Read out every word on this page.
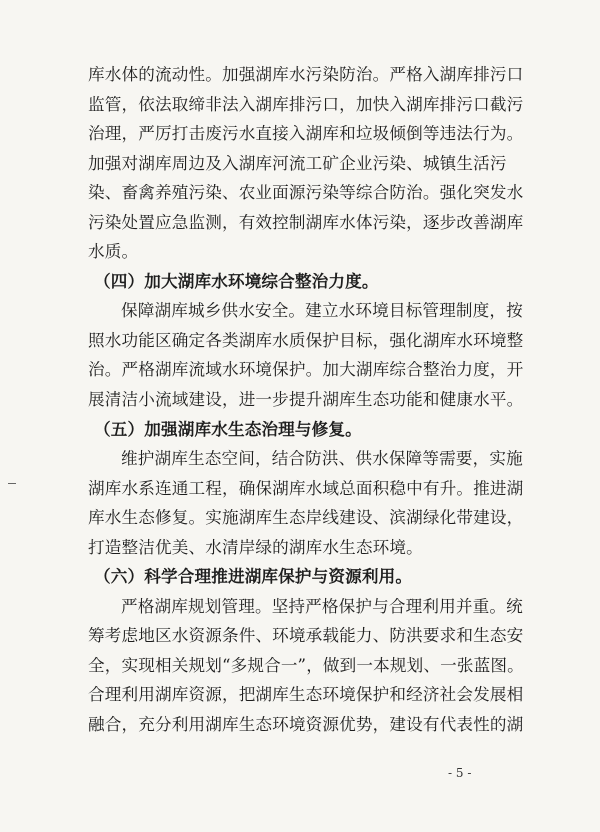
库水体的流动性。加强湖库水污染防治。严格入湖库排污口
监管，依法取缔非法入湖库排污口，加快入湖库排污口截污
治理，严厉打击废污水直接入湖库和垃圾倾倒等违法行为。
加强对湖库周边及入湖库河流工矿企业污染、城镇生活污
染、畜禽养殖污染、农业面源污染等综合防治。强化突发水
污染处置应急监测，有效控制湖库水体污染，逐步改善湖库
水质。
（四）加大湖库水环境综合整治力度。
保障湖库城乡供水安全。建立水环境目标管理制度，按
照水功能区确定各类湖库水质保护目标，强化湖库水环境整
治。严格湖库流域水环境保护。加大湖库综合整治力度，开
展清洁小流域建设，进一步提升湖库生态功能和健康水平。
（五）加强湖库水生态治理与修复。
维护湖库生态空间，结合防洪、供水保障等需要，实施
湖库水系连通工程，确保湖库水域总面积稳中有升。推进湖
库水生态修复。实施湖库生态岸线建设、滨湖绿化带建设，
打造整洁优美、水清岸绿的湖库水生态环境。
（六）科学合理推进湖库保护与资源利用。
严格湖库规划管理。坚持严格保护与合理利用并重。统
筹考虑地区水资源条件、环境承载能力、防洪要求和生态安
全，实现相关规划“多规合一”，做到一本规划、一张蓝图。
合理利用湖库资源，把湖库生态环境保护和经济社会发展相
融合，充分利用湖库生态环境资源优势，建设有代表性的湖
- 5 -
